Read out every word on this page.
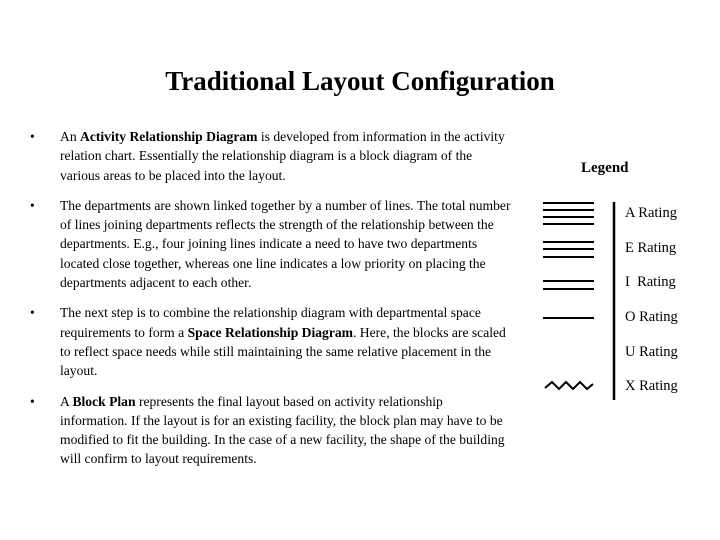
Traditional Layout Configuration
• An Activity Relationship Diagram is developed from information in the activity relation chart. Essentially the relationship diagram is a block diagram of the various areas to be placed into the layout.
• The departments are shown linked together by a number of lines. The total number of lines joining departments reflects the strength of the relationship between the departments. E.g., four joining lines indicate a need to have two departments located close together, whereas one line indicates a low priority on placing the departments adjacent to each other.
• The next step is to combine the relationship diagram with departmental space requirements to form a Space Relationship Diagram. Here, the blocks are scaled to reflect space needs while still maintaining the same relative placement in the layout.
• A Block Plan represents the final layout based on activity relationship information. If the layout is for an existing facility, the block plan may have to be modified to fit the building. In the case of a new facility, the shape of the building will confirm to layout requirements.
Legend
A Rating
E Rating
I  Rating
O Rating
U Rating
X Rating
